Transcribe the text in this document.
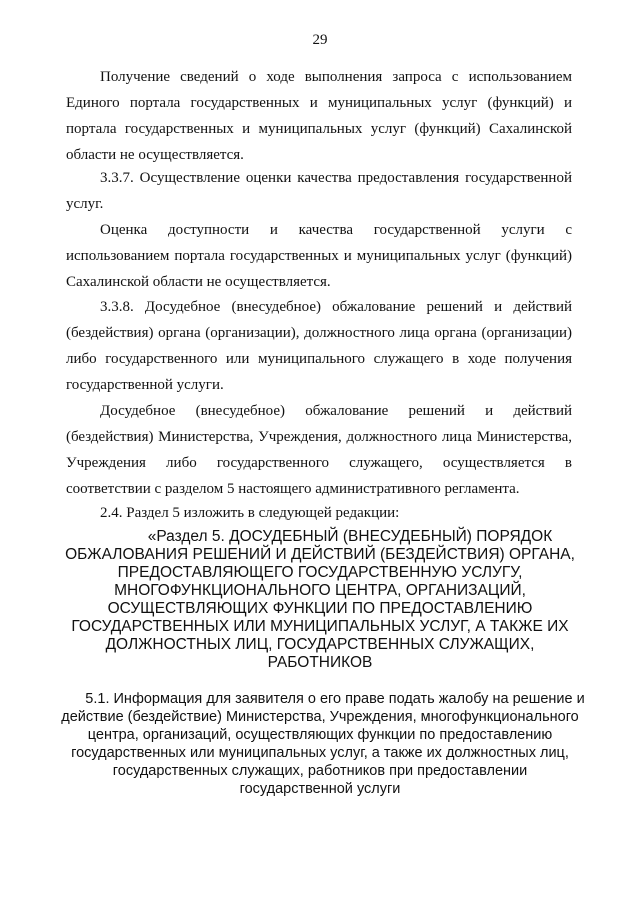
29

Получение сведений о ходе выполнения запроса с использованием Единого портала государственных и муниципальных услуг (функций) и портала государственных и муниципальных услуг (функций) Сахалинской области не осуществляется.

3.3.7. Осуществление оценки качества предоставления государственной услуг.

Оценка доступности и качества государственной услуги с использованием портала государственных и муниципальных услуг (функций) Сахалинской области не осуществляется.

3.3.8. Досудебное (внесудебное) обжалование решений и действий (бездействия) органа (организации), должностного лица органа (организации) либо государственного или муниципального служащего в ходе получения государственной услуги.

Досудебное (внесудебное) обжалование решений и действий (бездействия) Министерства, Учреждения, должностного лица Министерства, Учреждения либо государственного служащего, осуществляется в соответствии с разделом 5 настоящего административного регламента.

2.4. Раздел 5 изложить в следующей редакции:

«Раздел 5. ДОСУДЕБНЫЙ (ВНЕСУДЕБНЫЙ) ПОРЯДОК
ОБЖАЛОВАНИЯ РЕШЕНИЙ И ДЕЙСТВИЙ (БЕЗДЕЙСТВИЯ) ОРГАНА,
ПРЕДОСТАВЛЯЮЩЕГО ГОСУДАРСТВЕННУЮ УСЛУГУ,
МНОГОФУНКЦИОНАЛЬНОГО ЦЕНТРА, ОРГАНИЗАЦИЙ,
ОСУЩЕСТВЛЯЮЩИХ ФУНКЦИИ ПО ПРЕДОСТАВЛЕНИЮ
ГОСУДАРСТВЕННЫХ ИЛИ МУНИЦИПАЛЬНЫХ УСЛУГ, А ТАКЖЕ ИХ
ДОЛЖНОСТНЫХ ЛИЦ, ГОСУДАРСТВЕННЫХ СЛУЖАЩИХ,
РАБОТНИКОВ
5.1. Информация для заявителя о его праве подать жалобу на решение и
действие (бездействие) Министерства, Учреждения, многофункционального
центра, организаций, осуществляющих функции по предоставлению
государственных или муниципальных услуг, а также их должностных лиц,
государственных служащих, работников при предоставлении
государственной услуги
